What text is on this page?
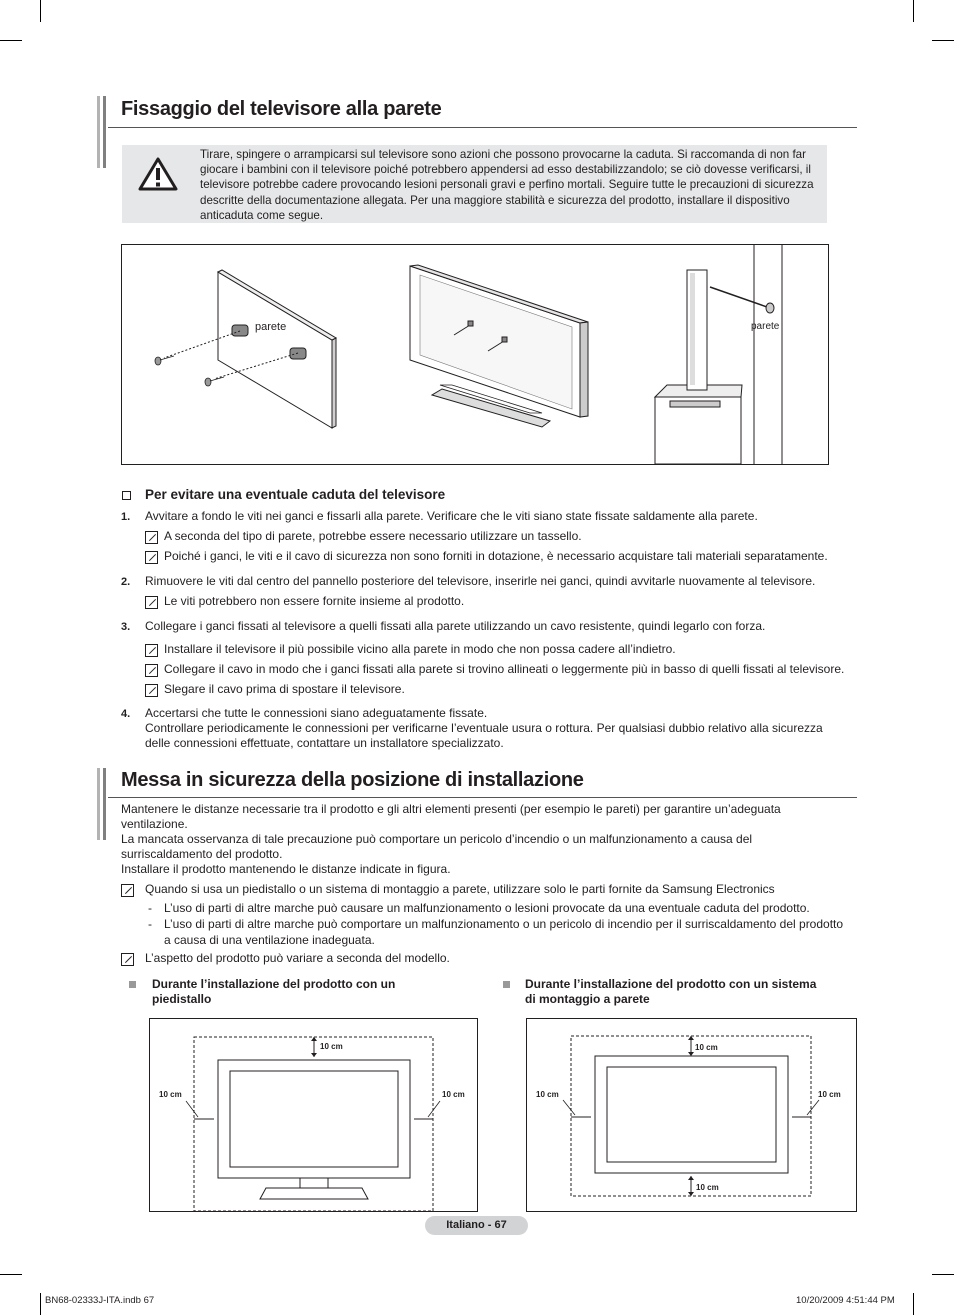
Fissaggio del televisore alla parete
Tirare, spingere o arrampicarsi sul televisore sono azioni che possono provocarne la caduta. Si raccomanda di non far giocare i bambini con il televisore poiché potrebbero appendersi ad esso destabilizzandolo; se ciò dovesse verificarsi, il televisore potrebbe cadere provocando lesioni personali gravi e perfino mortali. Seguire tutte le precauzioni di sicurezza descritte della documentazione allegata. Per una maggiore stabilità e sicurezza del prodotto, installare il dispositivo anticaduta come segue.
parete	parete
Per evitare una eventuale caduta del televisore
1. Avvitare a fondo le viti nei ganci e fissarli alla parete. Verificare che le viti siano state fissate saldamente alla parete.
A seconda del tipo di parete, potrebbe essere necessario utilizzare un tassello.
Poiché i ganci, le viti e il cavo di sicurezza non sono forniti in dotazione, è necessario acquistare tali materiali separatamente.
2. Rimuovere le viti dal centro del pannello posteriore del televisore, inserirle nei ganci, quindi avvitarle nuovamente al televisore.
Le viti potrebbero non essere fornite insieme al prodotto.
3. Collegare i ganci fissati al televisore a quelli fissati alla parete utilizzando un cavo resistente, quindi legarlo con forza.
Installare il televisore il più possibile vicino alla parete in modo che non possa cadere all’indietro.
Collegare il cavo in modo che i ganci fissati alla parete si trovino allineati o leggermente più in basso di quelli fissati al televisore.
Slegare il cavo prima di spostare il televisore.
4. Accertarsi che tutte le connessioni siano adeguatamente fissate.
Controllare periodicamente le connessioni per verificarne l’eventuale usura o rottura. Per qualsiasi dubbio relativo alla sicurezza
delle connessioni effettuate, contattare un installatore specializzato.
Messa in sicurezza della posizione di installazione
Mantenere le distanze necessarie tra il prodotto e gli altri elementi presenti (per esempio le pareti) per garantire un’adeguata
ventilazione.
La mancata osservanza di tale precauzione può comportare un pericolo d’incendio o un malfunzionamento a causa del
surriscaldamento del prodotto.
Installare il prodotto mantenendo le distanze indicate in figura.
Quando si usa un piedistallo o un sistema di montaggio a parete, utilizzare solo le parti fornite da Samsung Electronics
- L’uso di parti di altre marche può causare un malfunzionamento o lesioni provocate da una eventuale caduta del prodotto.
- L’uso di parti di altre marche può comportare un malfunzionamento o un pericolo di incendio per il surriscaldamento del prodotto
a causa di una ventilazione inadeguata.
L’aspetto del prodotto può variare a seconda del modello.
Durante l’installazione del prodotto con un
piedistallo
Durante l’installazione del prodotto con un sistema
di montaggio a parete
10 cm
10 cm	10 cm
10 cm
10 cm
10 cm	10 cm
Italiano - 67
BN68-02333J-ITA.indb 67	10/20/2009 4:51:44 PM
